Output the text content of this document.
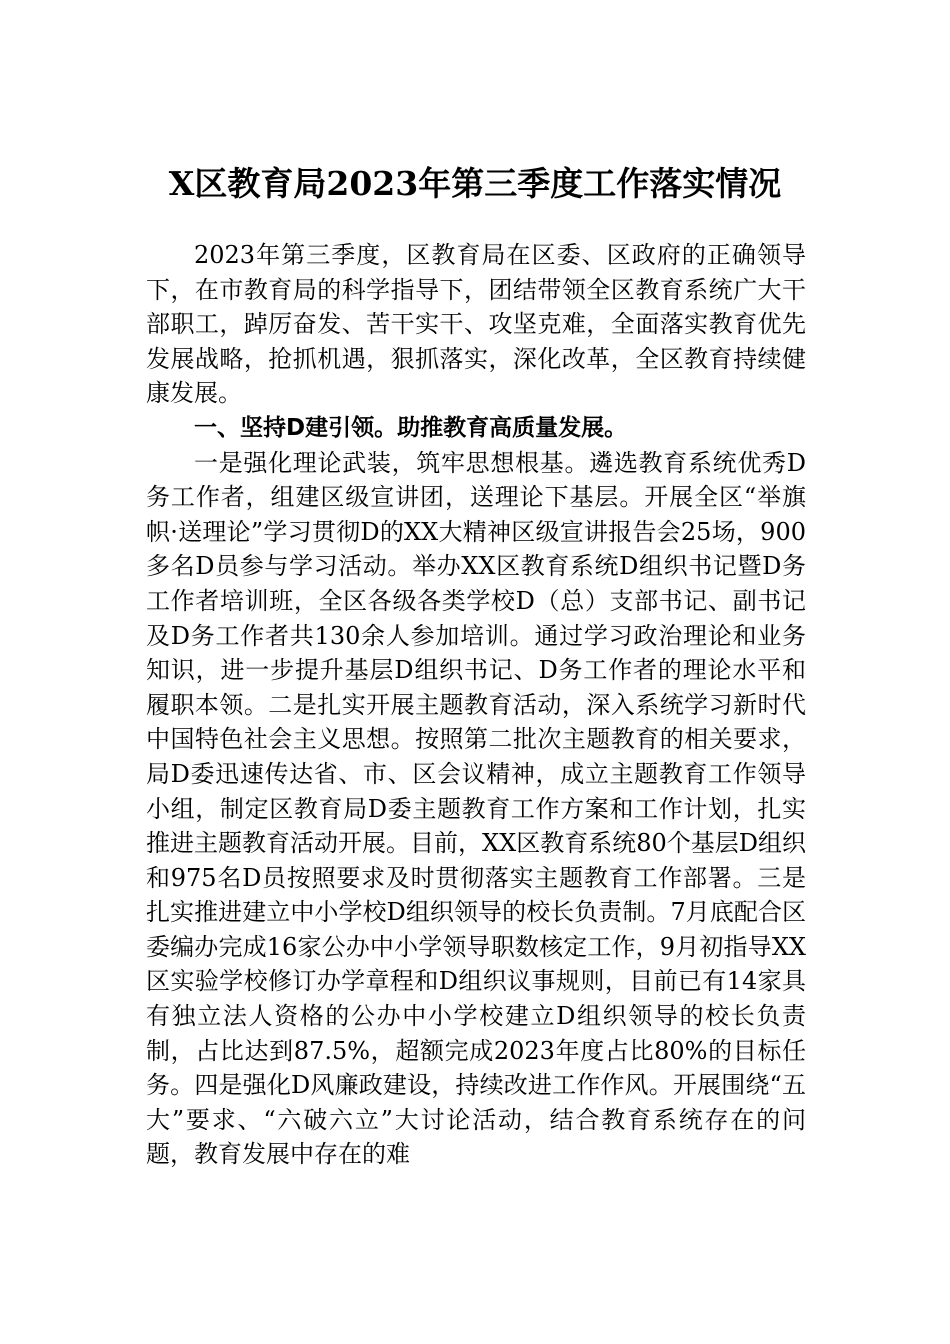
X区教育局2023年第三季度工作落实情况

2023年第三季度，区教育局在区委、区政府的正确领导下，在市教育局的科学指导下，团结带领全区教育系统广大干部职工，踔厉奋发、苦干实干、攻坚克难，全面落实教育优先发展战略，抢抓机遇，狠抓落实，深化改革，全区教育持续健康发展。

一、坚持D建引领。助推教育高质量发展。

一是强化理论武装，筑牢思想根基。遴选教育系统优秀D务工作者，组建区级宣讲团，送理论下基层。开展全区“举旗帜·送理论”学习贯彻D的XX大精神区级宣讲报告会25场，900多名D员参与学习活动。举办XX区教育系统D组织书记暨D务工作者培训班，全区各级各类学校D（总）支部书记、副书记及D务工作者共130余人参加培训。通过学习政治理论和业务知识，进一步提升基层D组织书记、D务工作者的理论水平和履职本领。二是扎实开展主题教育活动，深入系统学习新时代中国特色社会主义思想。按照第二批次主题教育的相关要求，局D委迅速传达省、市、区会议精神，成立主题教育工作领导小组，制定区教育局D委主题教育工作方案和工作计划，扎实推进主题教育活动开展。目前，XX区教育系统80个基层D组织和975名D员按照要求及时贯彻落实主题教育工作部署。三是扎实推进建立中小学校D组织领导的校长负责制。7月底配合区委编办完成16家公办中小学领导职数核定工作，9月初指导XX区实验学校修订办学章程和D组织议事规则，目前已有14家具有独立法人资格的公办中小学校建立D组织领导的校长负责制，占比达到87.5%，超额完成2023年度占比80%的目标任务。四是强化D风廉政建设，持续改进工作作风。开展围绕“五大”要求、“六破六立”大讨论活动，结合教育系统存在的问题，教育发展中存在的难
